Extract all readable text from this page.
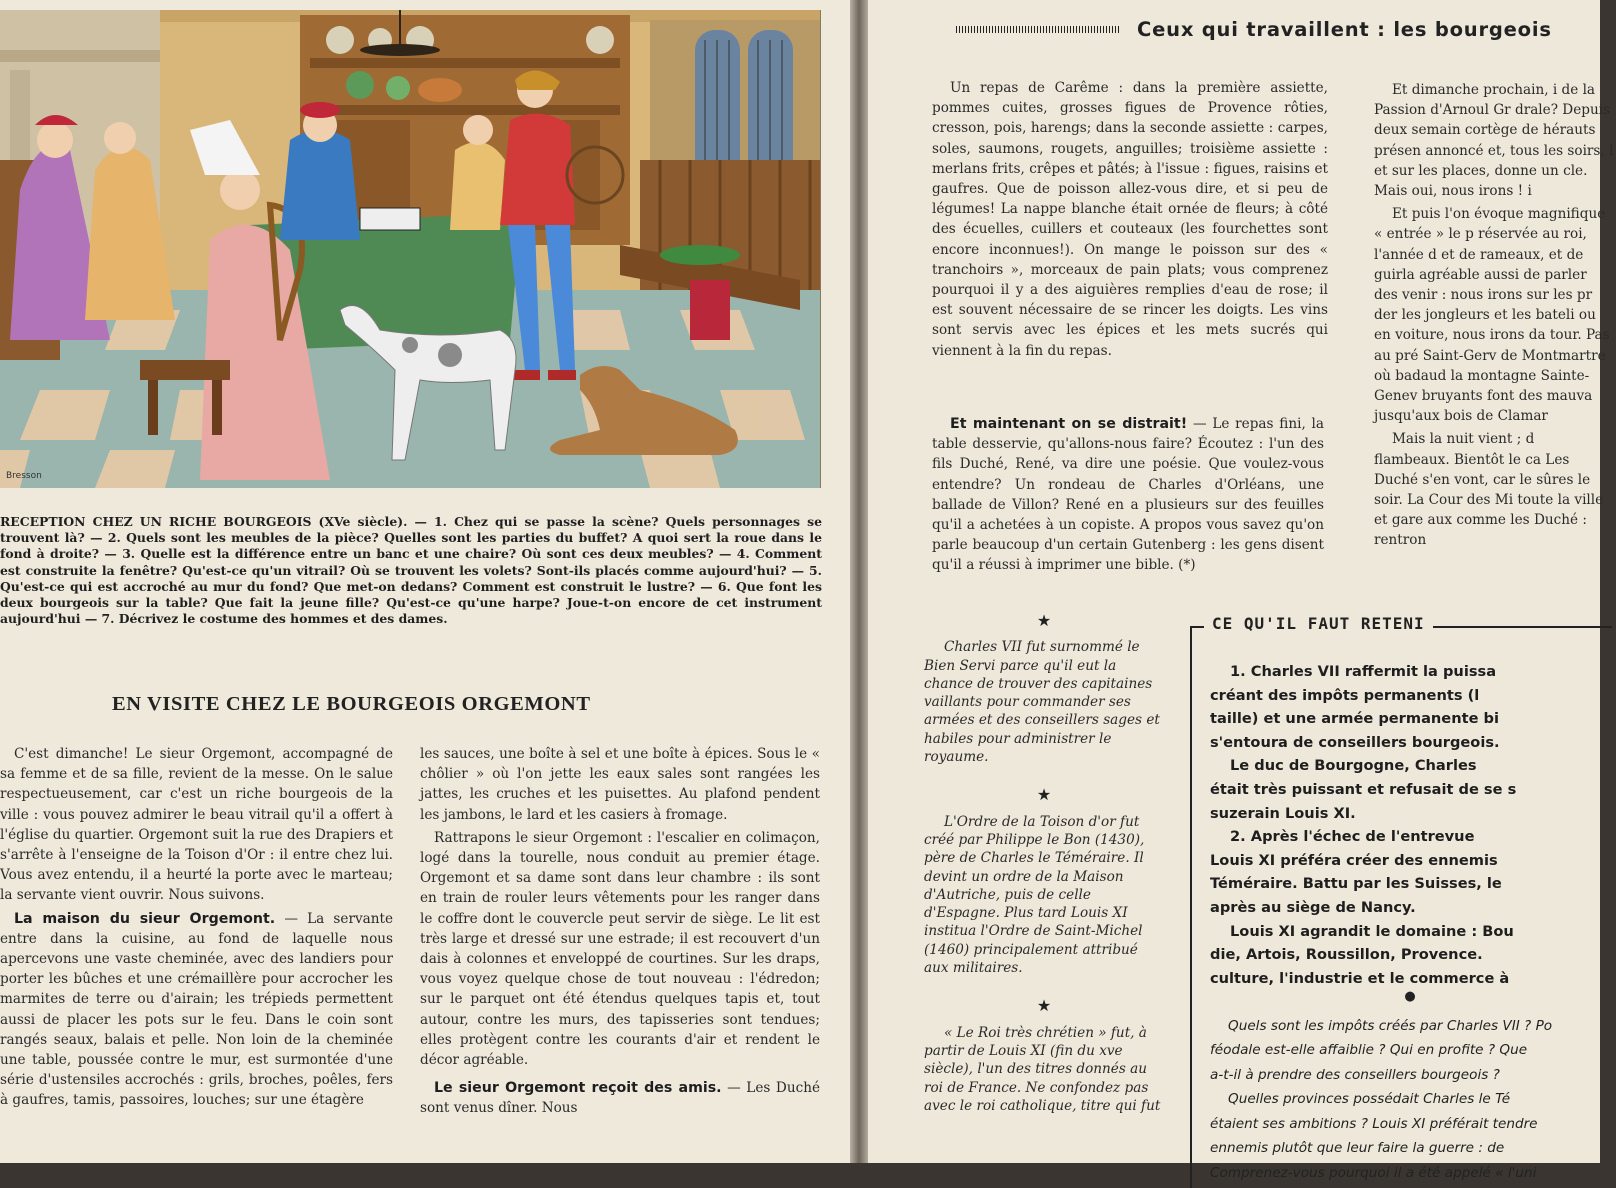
Bresson

RECEPTION CHEZ UN RICHE BOURGEOIS (XVe siècle). — 1. Chez qui se passe la scène? Quels personnages se trouvent là? — 2. Quels sont les meubles de la pièce? Quelles sont les parties du buffet? A quoi sert la roue dans le fond à droite? — 3. Quelle est la différence entre un banc et une chaire? Où sont ces deux meubles? — 4. Comment est construite la fenêtre? Qu'est-ce qu'un vitrail? Où se trouvent les volets? Sont-ils placés comme aujourd'hui? — 5. Qu'est-ce qui est accroché au mur du fond? Que met-on dedans? Comment est construit le lustre? — 6. Que font les deux bourgeois sur la table? Que fait la jeune fille? Qu'est-ce qu'une harpe? Joue-t-on encore de cet instrument aujourd'hui — 7. Décrivez le costume des hommes et des dames.

EN VISITE CHEZ LE BOURGEOIS ORGEMONT

C'est dimanche! Le sieur Orgemont, accompagné de sa femme et de sa fille, revient de la messe. On le salue respectueusement, car c'est un riche bourgeois de la ville : vous pouvez admirer le beau vitrail qu'il a offert à l'église du quartier. Orgemont suit la rue des Drapiers et s'arrête à l'enseigne de la Toison d'Or : il entre chez lui. Vous avez entendu, il a heurté la porte avec le marteau; la servante vient ouvrir. Nous suivons.

La maison du sieur Orgemont. — La servante entre dans la cuisine, au fond de laquelle nous apercevons une vaste cheminée, avec des landiers pour porter les bûches et une crémaillère pour accrocher les marmites de terre ou d'airain; les trépieds permettent aussi de placer les pots sur le feu. Dans le coin sont rangés seaux, balais et pelle. Non loin de la cheminée une table, poussée contre le mur, est surmontée d'une série d'ustensiles accrochés : grils, broches, poêles, fers à gaufres, tamis, passoires, louches; sur une étagère

les sauces, une boîte à sel et une boîte à épices. Sous le « chôlier » où l'on jette les eaux sales sont rangées les jattes, les cruches et les puisettes. Au plafond pendent les jambons, le lard et les casiers à fromage.

Rattrapons le sieur Orgemont : l'escalier en colimaçon, logé dans la tourelle, nous conduit au premier étage. Orgemont et sa dame sont dans leur chambre : ils sont en train de rouler leurs vêtements pour les ranger dans le coffre dont le couvercle peut servir de siège. Le lit est très large et dressé sur une estrade; il est recouvert d'un dais à colonnes et enveloppé de courtines. Sur les draps, vous voyez quelque chose de tout nouveau : l'édredon; sur le parquet ont été étendus quelques tapis et, tout autour, contre les murs, des tapisseries sont tendues; elles protègent contre les courants d'air et rendent le décor agréable.

Le sieur Orgemont reçoit des amis. — Les Duché sont venus dîner. Nous

Ceux qui travaillent : les bourgeois

Un repas de Carême : dans la première assiette, pommes cuites, grosses figues de Provence rôties, cresson, pois, harengs; dans la seconde assiette : carpes, soles, saumons, rougets, anguilles; troisième assiette : merlans frits, crêpes et pâtés; à l'issue : figues, raisins et gaufres. Que de poisson allez-vous dire, et si peu de légumes! La nappe blanche était ornée de fleurs; à côté des écuelles, cuillers et couteaux (les fourchettes sont encore inconnues!). On mange le poisson sur des « tranchoirs », morceaux de pain plats; vous comprenez pourquoi il y a des aiguières remplies d'eau de rose; il est souvent nécessaire de se rincer les doigts. Les vins sont servis avec les épices et les mets sucrés qui viennent à la fin du repas.

Et maintenant on se distrait! — Le repas fini, la table desservie, qu'allons-nous faire? Écoutez : l'un des fils Duché, René, va dire une poésie. Que voulez-vous entendre? Un rondeau de Charles d'Orléans, une ballade de Villon? René en a plusieurs sur des feuilles qu'il a achetées à un copiste. A propos vous savez qu'on parle beaucoup d'un certain Gutenberg : les gens disent qu'il a réussi à imprimer une bible. (*)

Et dimanche prochain, i de la Passion d'Arnoul Gr drale? Depuis deux semain cortège de hérauts présen annoncé et, tous les soirs, l et sur les places, donne un cle. Mais oui, nous irons ! i

Et puis l'on évoque magnifique « entrée » le p réservée au roi, l'année d et de rameaux, et de guirla agréable aussi de parler des venir : nous irons sur les pr der les jongleurs et les bateli ou en voiture, nous irons da tour. Pas au pré Saint-Gerv de Montmartre où badaud la montagne Sainte-Genev bruyants font des mauva jusqu'aux bois de Clamar

Mais la nuit vient ; d flambeaux. Bientôt le ca Les Duché s'en vont, car le sûres le soir. La Cour des Mi toute la ville et gare aux comme les Duché : rentron

★

Charles VII fut surnommé le Bien Servi parce qu'il eut la chance de trouver des capitaines vaillants pour commander ses armées et des conseillers sages et habiles pour administrer le royaume.

★

L'Ordre de la Toison d'or fut créé par Philippe le Bon (1430), père de Charles le Téméraire. Il devint un ordre de la Maison d'Autriche, puis de celle d'Espagne. Plus tard Louis XI institua l'Ordre de Saint-Michel (1460) principalement attribué aux militaires.

★

« Le Roi très chrétien » fut, à partir de Louis XI (fin du xve siècle), l'un des titres donnés au roi de France. Ne confondez pas avec le roi catholique, titre qui fut

CE QU'IL FAUT RETENI

1. Charles VII raffermit la puissa

créant des impôts permanents (l

taille) et une armée permanente bi

s'entoura de conseillers bourgeois.

Le duc de Bourgogne, Charles

était très puissant et refusait de se s

suzerain Louis XI.

2. Après l'échec de l'entrevue

Louis XI préféra créer des ennemis

Téméraire. Battu par les Suisses, le

après au siège de Nancy.

Louis XI agrandit le domaine : Bou

die, Artois, Roussillon, Provence.

culture, l'industrie et le commerce à

●

Quels sont les impôts créés par Charles VII ? Po

féodale est-elle affaiblie ? Qui en profite ? Que

a-t-il à prendre des conseillers bourgeois ?

Quelles provinces possédait Charles le Té

étaient ses ambitions ? Louis XI préférait tendre

ennemis plutôt que leur faire la guerre : de

Comprenez-vous pourquoi il a été appelé « l'uni
